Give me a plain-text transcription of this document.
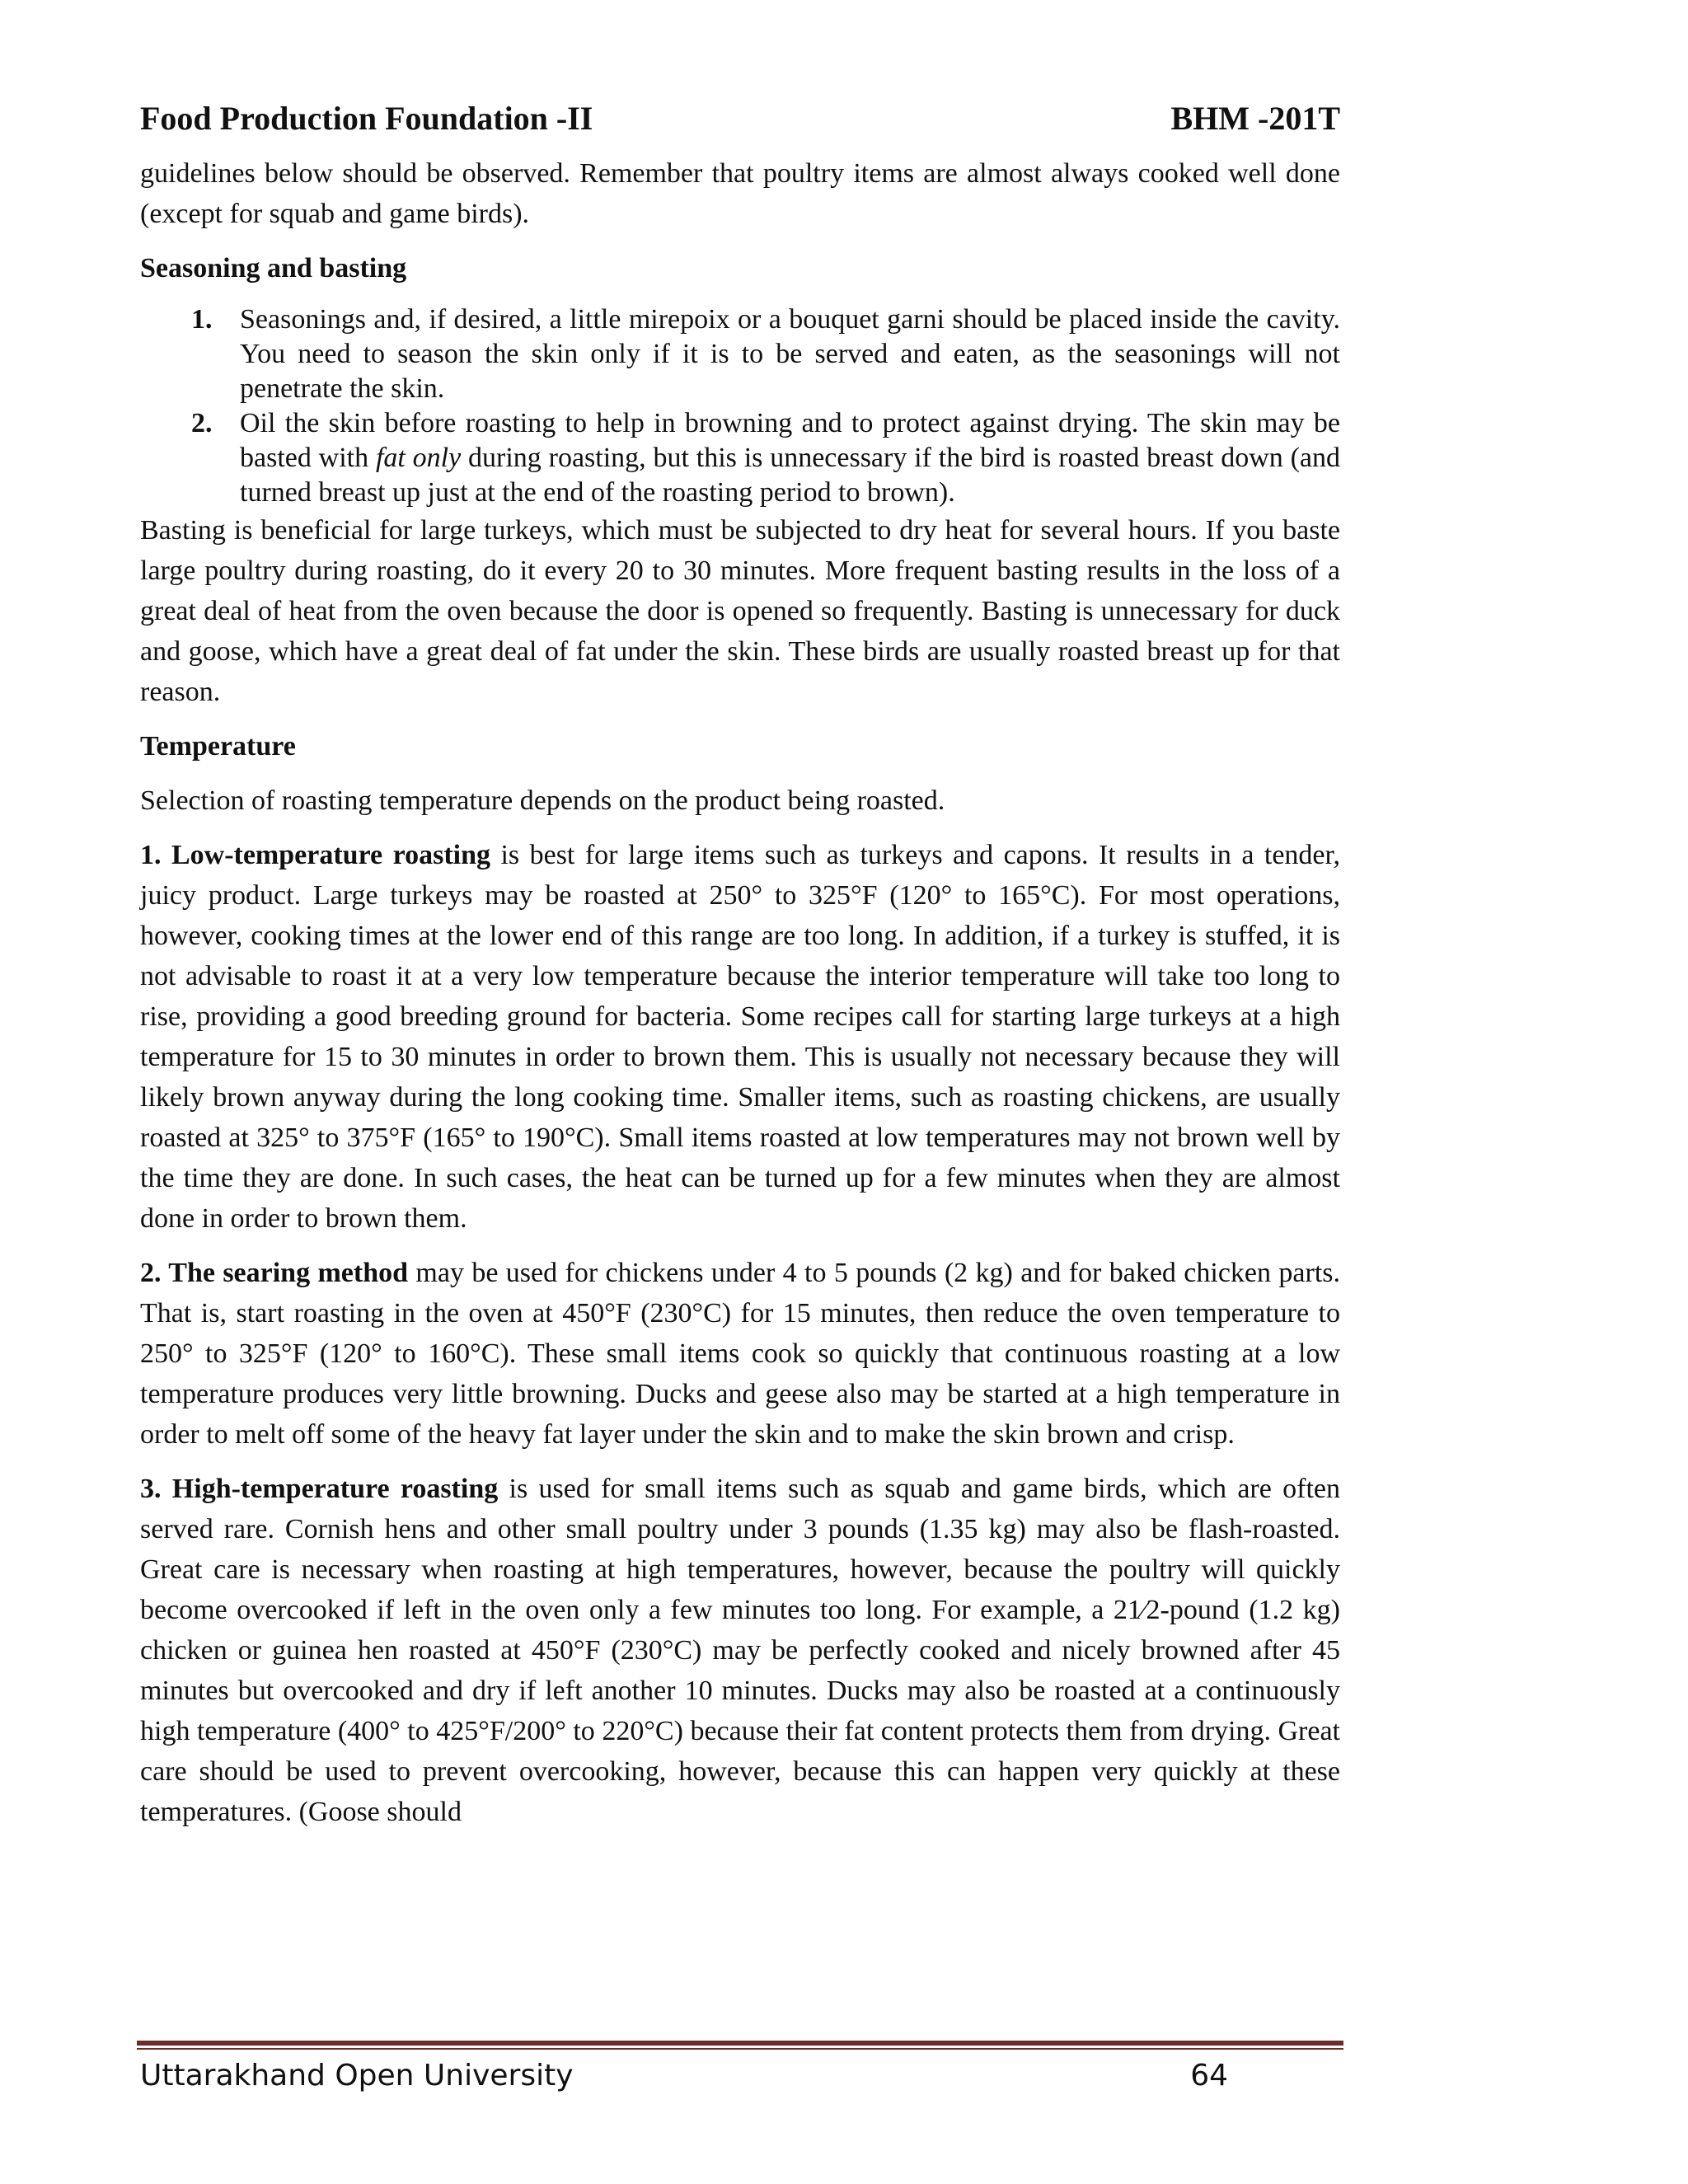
Food Production Foundation -II	BHM -201T

guidelines below should be observed. Remember that poultry items are almost always cooked well done (except for squab and game birds).

Seasoning and basting

1. Seasonings and, if desired, a little mirepoix or a bouquet garni should be placed inside the cavity. You need to season the skin only if it is to be served and eaten, as the seasonings will not penetrate the skin.
2. Oil the skin before roasting to help in browning and to protect against drying. The skin may be basted with fat only during roasting, but this is unnecessary if the bird is roasted breast down (and turned breast up just at the end of the roasting period to brown).

Basting is beneficial for large turkeys, which must be subjected to dry heat for several hours. If you baste large poultry during roasting, do it every 20 to 30 minutes. More frequent basting results in the loss of a great deal of heat from the oven because the door is opened so frequently. Basting is unnecessary for duck and goose, which have a great deal of fat under the skin. These birds are usually roasted breast up for that reason.

Temperature

Selection of roasting temperature depends on the product being roasted.

1. Low-temperature roasting is best for large items such as turkeys and capons. It results in a tender, juicy product. Large turkeys may be roasted at 250° to 325°F (120° to 165°C). For most operations, however, cooking times at the lower end of this range are too long. In addition, if a turkey is stuffed, it is not advisable to roast it at a very low temperature because the interior temperature will take too long to rise, providing a good breeding ground for bacteria. Some recipes call for starting large turkeys at a high temperature for 15 to 30 minutes in order to brown them. This is usually not necessary because they will likely brown anyway during the long cooking time. Smaller items, such as roasting chickens, are usually roasted at 325° to 375°F (165° to 190°C). Small items roasted at low temperatures may not brown well by the time they are done. In such cases, the heat can be turned up for a few minutes when they are almost done in order to brown them.

2. The searing method may be used for chickens under 4 to 5 pounds (2 kg) and for baked chicken parts. That is, start roasting in the oven at 450°F (230°C) for 15 minutes, then reduce the oven temperature to 250° to 325°F (120° to 160°C). These small items cook so quickly that continuous roasting at a low temperature produces very little browning. Ducks and geese also may be started at a high temperature in order to melt off some of the heavy fat layer under the skin and to make the skin brown and crisp.

3. High-temperature roasting is used for small items such as squab and game birds, which are often served rare. Cornish hens and other small poultry under 3 pounds (1.35 kg) may also be flash-roasted. Great care is necessary when roasting at high temperatures, however, because the poultry will quickly become overcooked if left in the oven only a few minutes too long. For example, a 21⁄2-pound (1.2 kg) chicken or guinea hen roasted at 450°F (230°C) may be perfectly cooked and nicely browned after 45 minutes but overcooked and dry if left another 10 minutes. Ducks may also be roasted at a continuously high temperature (400° to 425°F/200° to 220°C) because their fat content protects them from drying. Great care should be used to prevent overcooking, however, because this can happen very quickly at these temperatures. (Goose should

Uttarakhand Open University	64
